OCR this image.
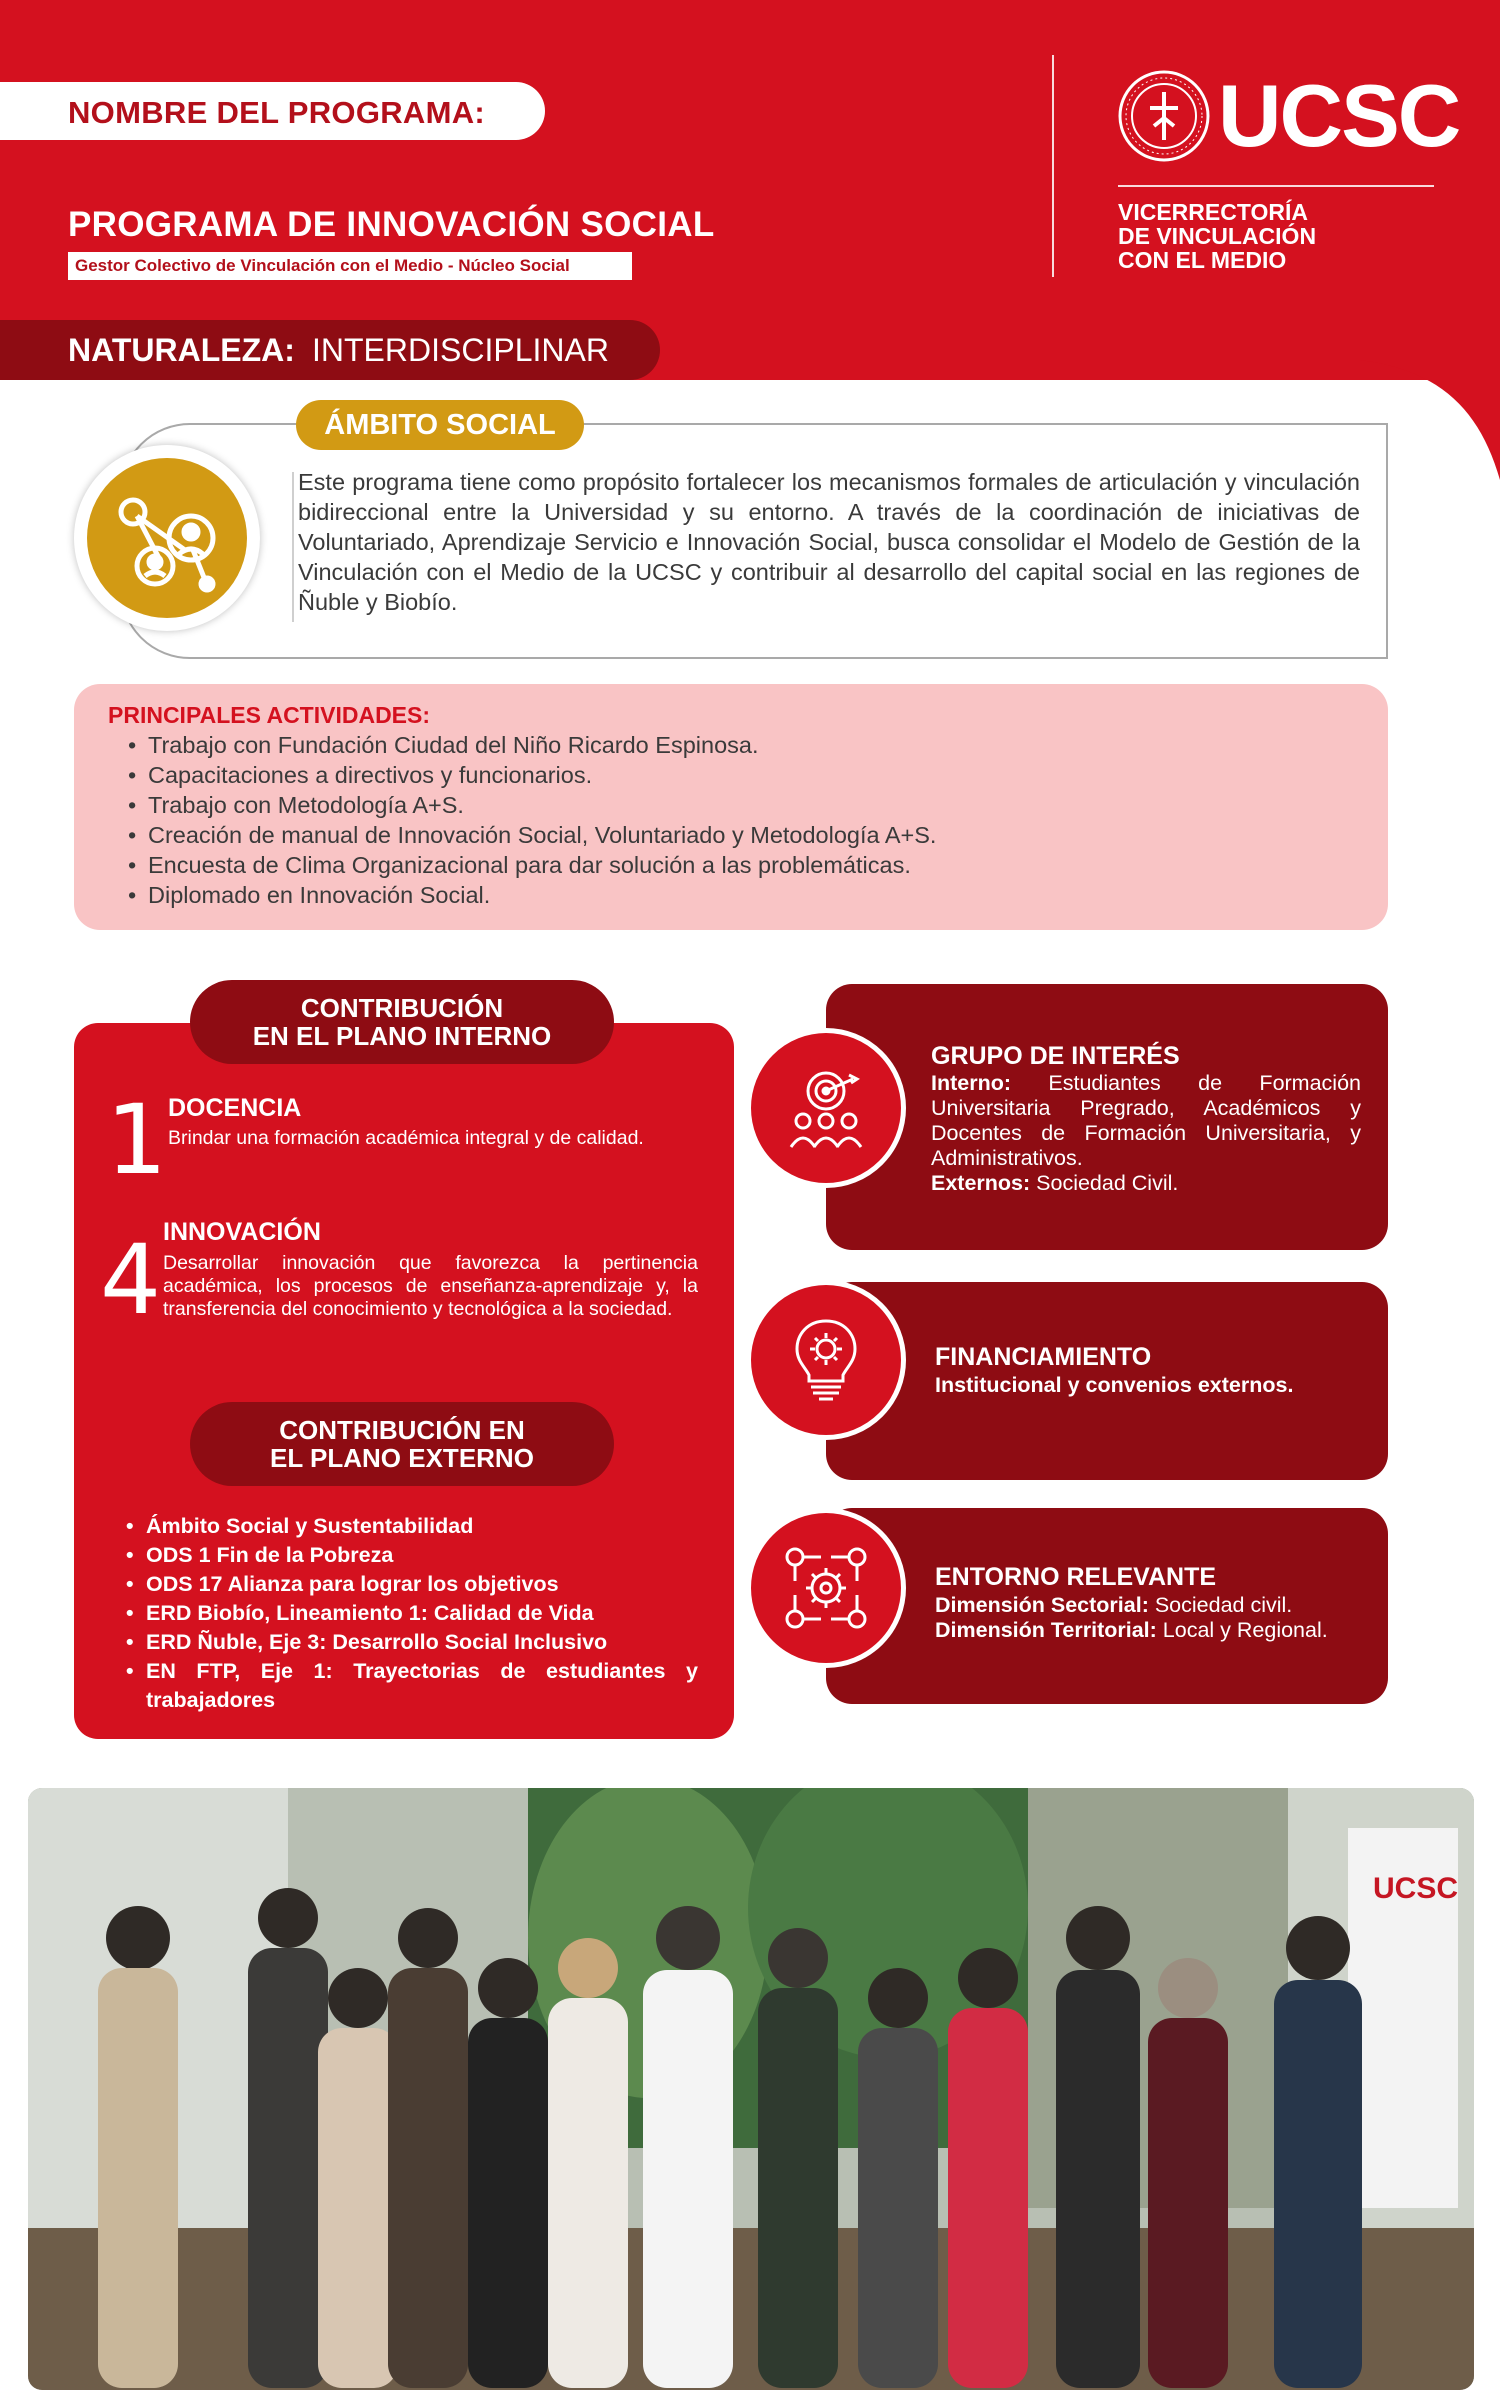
NOMBRE DEL PROGRAMA:
PROGRAMA DE INNOVACIÓN SOCIAL
Gestor Colectivo de Vinculación con el Medio - Núcleo Social
UCSC
VICERRECTORÍA
DE VINCULACIÓN
CON EL MEDIO
NATURALEZA: INTERDISCIPLINAR
ÁMBITO SOCIAL
Este programa tiene como propósito fortalecer los mecanismos formales de articulación y vinculación bidireccional entre la Universidad y su entorno. A través de la coordinación de iniciativas de Voluntariado, Aprendizaje Servicio e Innovación Social, busca consolidar el Modelo de Gestión de la Vinculación con el Medio de la UCSC y contribuir al desarrollo del capital social en las regiones de Ñuble y Biobío.
PRINCIPALES ACTIVIDADES:
• Trabajo con Fundación Ciudad del Niño Ricardo Espinosa.
• Capacitaciones a directivos y funcionarios.
• Trabajo con Metodología A+S.
• Creación de manual de Innovación Social, Voluntariado y Metodología A+S.
• Encuesta de Clima Organizacional para dar solución a las problemáticas.
• Diplomado en Innovación Social.
CONTRIBUCIÓN
EN EL PLANO INTERNO
1 DOCENCIA
Brindar una formación académica integral y de calidad.
4 INNOVACIÓN
Desarrollar innovación que favorezca la pertinencia académica, los procesos de enseñanza-aprendizaje y, la transferencia del conocimiento y tecnológica a la sociedad.
CONTRIBUCIÓN EN
EL PLANO EXTERNO
• Ámbito Social y Sustentabilidad
• ODS 1 Fin de la Pobreza
• ODS 17 Alianza para lograr los objetivos
• ERD Biobío, Lineamiento 1: Calidad de Vida
• ERD Ñuble, Eje 3: Desarrollo Social Inclusivo
• EN FTP, Eje 1: Trayectorias de estudiantes y trabajadores
GRUPO DE INTERÉS
Interno: Estudiantes de Formación Universitaria Pregrado, Académicos y Docentes de Formación Universitaria, y Administrativos.
Externos: Sociedad Civil.
FINANCIAMIENTO
Institucional y convenios externos.
ENTORNO RELEVANTE
Dimensión Sectorial: Sociedad civil.
Dimensión Territorial: Local y Regional.
UCSC
